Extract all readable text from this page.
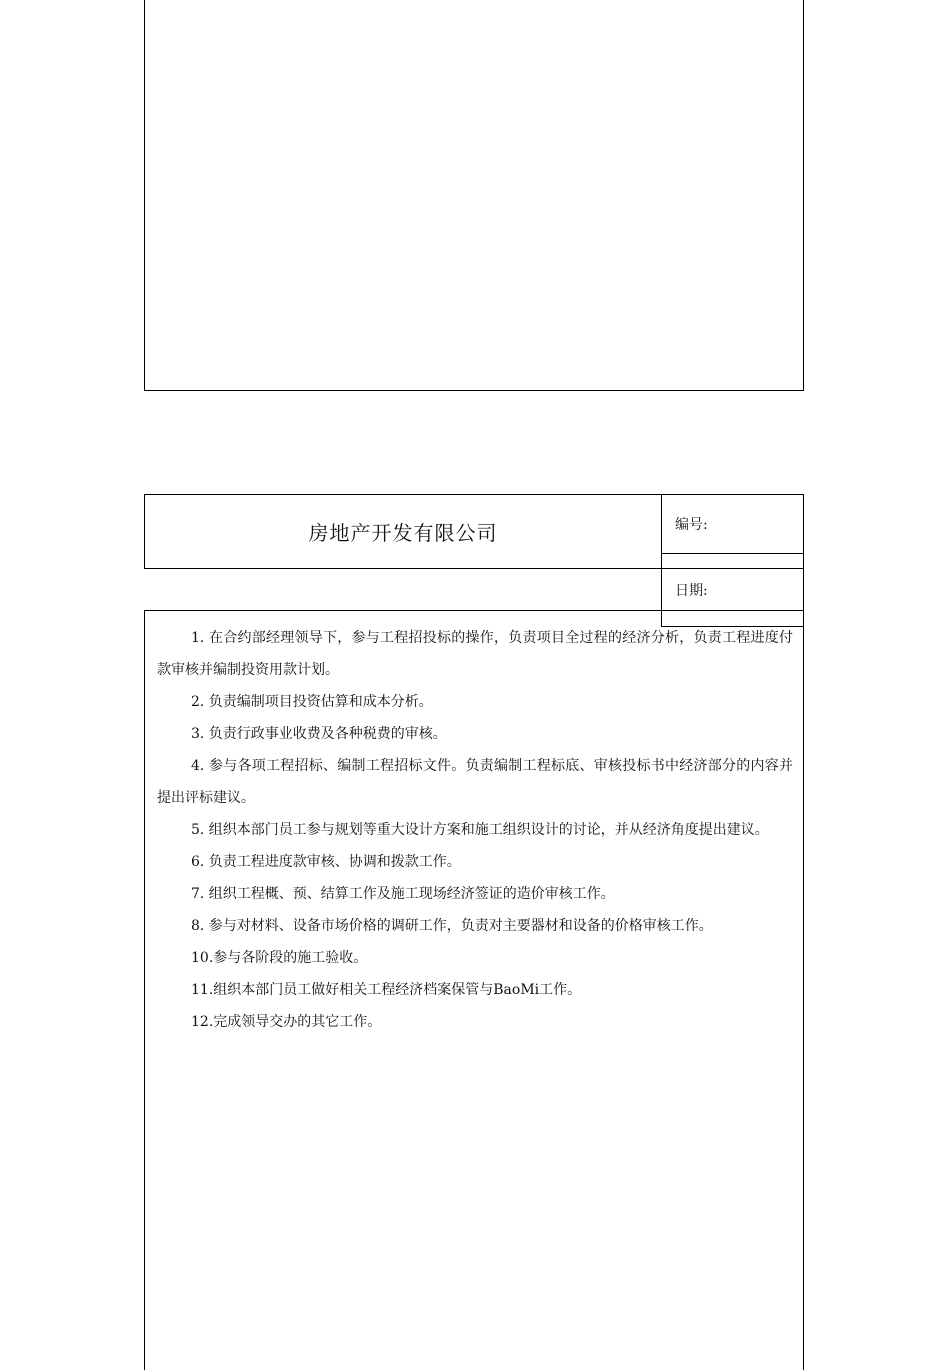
房地产开发有限公司	编号:
日期:
1. 在合约部经理领导下，参与工程招投标的操作，负责项目全过程的经济分析，负责工程进度付款审核并编制投资用款计划。
2. 负责编制项目投资估算和成本分析。
3. 负责行政事业收费及各种税费的审核。
4. 参与各项工程招标、编制工程招标文件。负责编制工程标底、审核投标书中经济部分的内容并提出评标建议。
5. 组织本部门员工参与规划等重大设计方案和施工组织设计的讨论，并从经济角度提出建议。
6. 负责工程进度款审核、协调和拨款工作。
7. 组织工程概、预、结算工作及施工现场经济签证的造价审核工作。
8. 参与对材料、设备市场价格的调研工作，负责对主要器材和设备的价格审核工作。
10.参与各阶段的施工验收。
11.组织本部门员工做好相关工程经济档案保管与BaoMi工作。
12.完成领导交办的其它工作。
